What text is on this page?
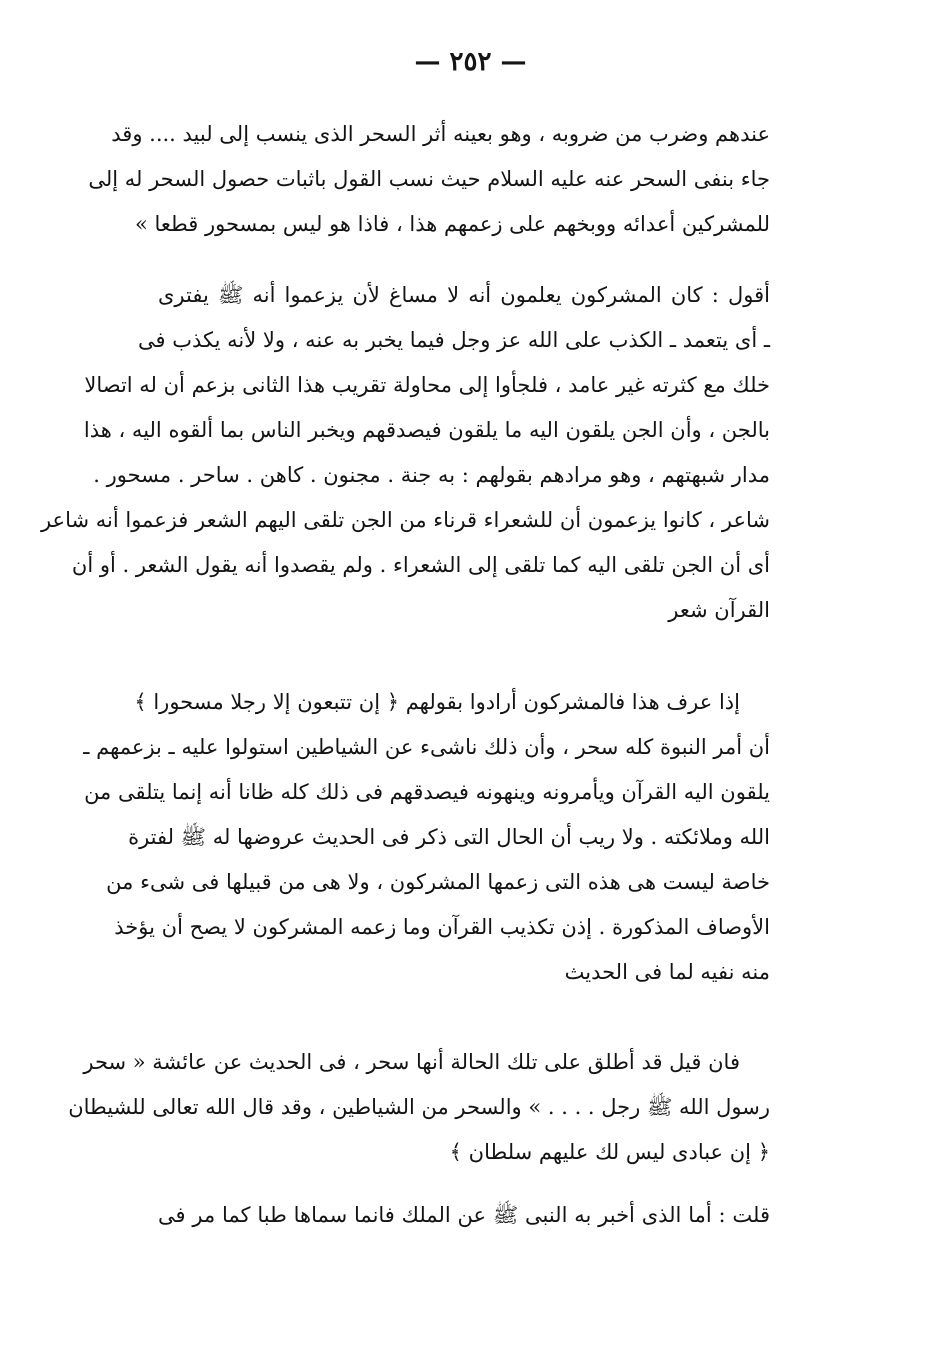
— ٢٥٢ —
عندهم وضرب من ضروبه ، وهو بعينه أثر السحر الذى ينسب إلى لبيد .... وقد
جاء بنفى السحر عنه عليه السلام حيث نسب القول باثبات حصول السحر له إلى
للمشركين أعدائه ووبخهم على زعمهم هذا ، فاذا هو ليس بمسحور قطعا »
أقول : كان المشركون يعلمون أنه لا مساغ لأن يزعموا أنه ﷺ يفترى
ـ أى يتعمد ـ الكذب على الله عز وجل فيما يخبر به عنه ، ولا لأنه يكذب فى
خلك مع كثرته غير عامد ، فلجأوا إلى محاولة تقريب هذا الثانى بزعم أن له اتصالا
بالجن ، وأن الجن يلقون اليه ما يلقون فيصدقهم ويخبر الناس بما ألقوه اليه ، هذا
مدار شبهتهم ، وهو مرادهم بقولهم : به جنة . مجنون . كاهن . ساحر . مسحور .
شاعر ، كانوا يزعمون أن للشعراء قرناء من الجن تلقى اليهم الشعر فزعموا أنه شاعر
أى أن الجن تلقى اليه كما تلقى إلى الشعراء . ولم يقصدوا أنه يقول الشعر . أو أن
القرآن شعر
إذا عرف هذا فالمشركون أرادوا بقولهم ﴿ إن تتبعون إلا رجلا مسحورا ﴾
أن أمر النبوة كله سحر ، وأن ذلك ناشىء عن الشياطين استولوا عليه ـ بزعمهم ـ
يلقون اليه القرآن ويأمرونه وينهونه فيصدقهم فى ذلك كله ظانا أنه إنما يتلقى من
الله وملائكته . ولا ريب أن الحال التى ذكر فى الحديث عروضها له ﷺ لفترة
خاصة ليست هى هذه التى زعمها المشركون ، ولا هى من قبيلها فى شىء من
الأوصاف المذكورة . إذن تكذيب القرآن وما زعمه المشركون لا يصح أن يؤخذ
منه نفيه لما فى الحديث
فان قيل قد أطلق على تلك الحالة أنها سحر ، فى الحديث عن عائشة « سحر
رسول الله ﷺ رجل . . . . » والسحر من الشياطين ، وقد قال الله تعالى للشيطان
﴿ إن عبادى ليس لك عليهم سلطان ﴾
قلت : أما الذى أخبر به النبى ﷺ عن الملك فانما سماها طبا كما مر فى
